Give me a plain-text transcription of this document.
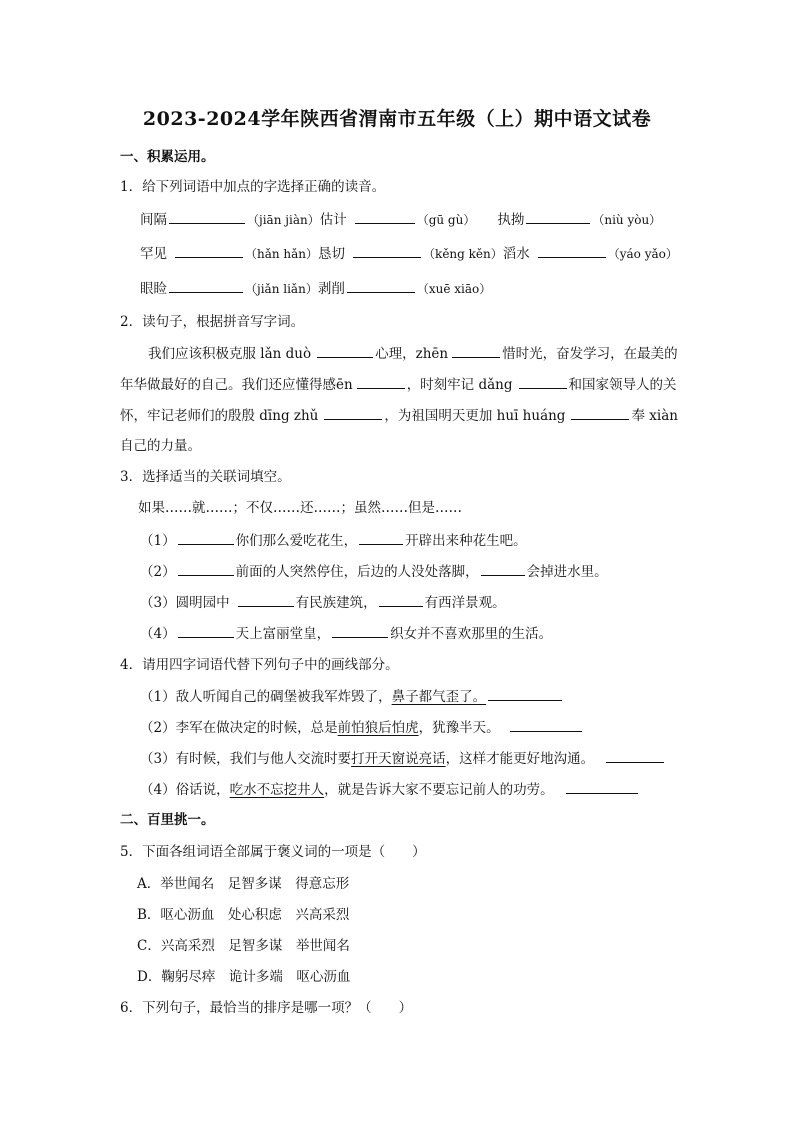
2023-2024学年陕西省渭南市五年级（上）期中语文试卷
一、积累运用。
1．给下列词语中加点的字选择正确的读音。
间隔	（jiān jiàn）估计	（gū gù） 执拗	（niù yòu）
罕见	（hǎn hǎn）恳切	（kěng kěn）滔水	（yáo yǎo）
眼睑	（jiǎn liǎn）剥削	（xuē xiāo）
2．读句子，根据拼音写字词。
我们应该积极克服 lǎn duò	心理，zhēn	惜时光，奋发学习，在最美的
年华做最好的自己。我们还应懂得感ēn	，时刻牢记 dǎng	和国家领导人的关
怀，牢记老师们的殷殷 dīng zhǔ	，为祖国明天更加 huī huáng	奉 xiàn
自己的力量。
3．选择适当的关联词填空。
如果……就……；不仅……还……；虽然……但是……
（1）	你们那么爱吃花生，	开辟出来种花生吧。
（2）	前面的人突然停住，后边的人没处落脚，	会掉进水里。
（3）圆明园中	有民族建筑，	有西洋景观。
（4）	天上富丽堂皇，	织女并不喜欢那里的生活。
4．请用四字词语代替下列句子中的画线部分。
（1）敌人听闻自己的碉堡被我军炸毁了，鼻子都气歪了。
（2）李军在做决定的时候，总是前怕狼后怕虎，犹豫半天。
（3）有时候，我们与他人交流时要打开天窗说亮话，这样才能更好地沟通。
（4）俗话说，吃水不忘挖井人，就是告诉大家不要忘记前人的功劳。
二、百里挑一。
5．下面各组词语全部属于褒义词的一项是（　　）
A．举世闻名　足智多谋　得意忘形
B．呕心沥血　处心积虑　兴高采烈
C．兴高采烈　足智多谋　举世闻名
D．鞠躬尽瘁　诡计多端　呕心沥血
6．下列句子，最恰当的排序是哪一项？（　　）
